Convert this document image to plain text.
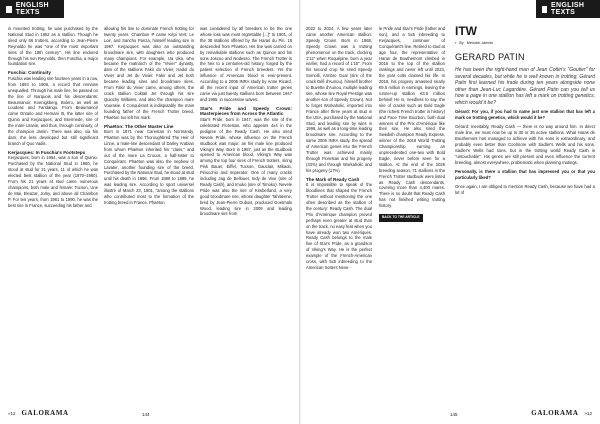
ENGLISH TEXTS

in mounted trotting, he was purchased by the National Stud in 1862 as a stallion. Though he sired only 66 trotters, according to Jean-Pierre Reynaldo he was "one of the most important sires of the 19th century". His line endured through his son Reynolds, then Fuschia, a major foundation sire.

Fuschia: Continuity

Fuschia was leading sire fourteen years in a row, from 1893 to 1906, a record that remains unequalled. Through his male line, he passed on the line of Narquois and his descendants: Beaumanoir, Koenigsberg, Bolero, as well as Loudeac and Fandango. From Beaumanoir came Ontario and Hernani III, the latter sire of Quinio and Kerjacques, and Intermede, sire of the mare Uranie, and thus, through continuity, of the champion Jamin. There was also, via his dam, the less developed but still significant branch of Quo Vadis.

Kerjacques: In Fuschia's Footsteps

Kerjacques, born in 1954, was a son of Quinio. Purchased by the National Stud in 1960, he stood at stud for 21 years, 11 of which he was elected best stallion of the year (1970–1980). From his 21 years at stud came numerous champions, both male and female: Tocson, Une de Mai, Eleazar, Jorky, and above all Chambon P. For ten years, from 1981 to 1990, he was the best sire in France, succeeding his father and

allowing his line to dominate French trotting for twenty years. Chambon P came Képi Vert, Le Loir, and Sancho Panza, himself leading sire in 1997. Kerjacques was also an outstanding broodmare sire, with daughters who produced many champions. For example, Ua Uka, who became the matriarch of the "Vivier" dynasty, dam of the stallions Fakir du Vivier, Hadol du Vivier and Jet du Vivier. Fakir and Jet both became leading sires and broodmare sires. From Fakir du Vivier came, among others, the crack stallion Coktail Jet through his sire Quiochy Williams, and also the champion mare Vourasie. Il Conquérant is indisputably the main founding father of the French Trotter breed, Phaëton too left his mark.

Phaëton: The Other Master Line

Born in 1871 near Carentan in Normandy, Phaëton was by the Thoroughbred The Heir of Linne, a male-line descendant of Darley Arabian from whom Phaëton inherited his "class," and out of the mare La Crocus, a half-sister to Conquérant. Phaëton was also the nephew of Lavater, another founding sire of the breed. Purchased by the National Stud, he stood at stud until his death in 1896. From 1886 to 1889, he was leading sire. According to sport universel illustré of March 23, 1901, "among the stallions who contributed most to the formation of the trotting breed in France, Phaëton

was considered by all breeders to be the one whose loss was most regrettable [...]" In 1901, of the 38 stallions offered by the Haras du Pin, 18 descended from Phaëton. His line was carried on by remarkable stallions such as Quinos and his sons Joscoo and Nodesso. The French Trotter is the heir to a centuries-old history, forged by the patient selection of French breeders. Yet the influence of American blood is ever-present. According to a 2005 INRA study by Anne Ricard, all the recent input of American trotter genes came via just twenty stallions born between 1947 and 1985, in successive waves.

Star's Pride and Speedy Crown: Masterpieces from Across the Atlantic

Star's Pride, born in 1947, was the sire of the celebrated Florestan, who appears 4x4 in the pedigree of the Ready Cash. He also sired Nevele Pride, whose influence on the French studbook was major, as his male line produced Viking's Way. Born in 1987, just as the studbook opened to American blood, Viking's Way was among the top four sires of French trotters, siring Pink Bauer, Eiffel, Tucson, Gauclair, Mikado, Pinocchio and Imperator. One of many cracks including Jag de Bellouet, Indy de Vive (sire of Ready Cash), and Imoko (sire of Timoko). Nevele Pride was also the sire of Kimberland, a very good broodmare sire, whose daughter Tahitienne, bred by Jean-Pierre Dubois, produced Goetmals Wood, leading sire in 2009 and leading broodmare sire from

»12 GALORAMA	144
ENGLISH TEXTS

2022 to 2024. A few years later came another American stallion: Speedy Crown. Born in 1968, Speedy Crown was a trotting phenomenon on the track, clocking 1'12" when Roquépine, born a year earlier, had a record of 1'15". From his second crop he sired Speedy Somolli, Armbro Goal (sire of the crack Défi d'Aunou), himself brother to Buvette d'Aunou, multiple leading sire, whose sire Royal Prestige was another son of Speedy Crown). Not to forget Workaholic, imported into France after three years at stud in the USA, purchased by the National Stud, and leading sire by wins in 1996, as well as a long-time leading broodmare sire. According to the same 2005 INRA study, the spread of American genes into the French Trotter was achieved mainly through Florestan and his progeny (33%) and through Workaholic and his progeny (17%).

The Mark of Ready Cash

It is impossible to speak of the bloodlines that shaped the French Trotter without mentioning the one often described as the stallion of the century: Ready Cash. The dual Prix d'Amérique champion proved perhaps even greater at stud than on the track, no easy feat when you have already won two Amériques. Ready Cash belongs to the male line of Star's Pride, as a grandson of Viking's Way. He is the perfect example of the French-American cross, with 5x5 inbreeding to the American trotters Neve-

le Pride and Star's Pride (father and son), and a 5x5 inbreeding to Kerjacques, continuer of Conquérant's line. Retired to stud at age four, the representative of Haras de Bouthemont climbed in 2016 to the top of the stallion rankings and never left until 2023, the year colts claimed his life. In 2018, his progeny amassed nearly €9.5 million in earnings, leaving the runner-up stallion €3.5 million behind! He is, needless to say, the sire of cracks such as Bold Eagle (the richest French trotter in history) and Face Time Bourbon, both dual winners of the Prix d'Amérique like their sire. He also sired the Swedish champion Ready Express, winner of the 2018 World Trotting Championship, earning an unprecedented one-two with Bold Eagle, never before seen for a stallion. At the end of the 2025 breeding season, 71 stallions in the French Trotter studbook were listed as Ready Cash descendants, covering more than 4,400 mares. There is no doubt that Ready Cash has not finished writing trotting history.

BACK TO THE ARTICLE
145	GALORAMA »12
ITW
› By Mélodie Janvier
GERARD PATIN

He has been the right-hand man of Jean Cottin's "Goutier" for several decades, but while he is well known in trotting, Gérard Patin first learned his trade during ten years alongside none other than Jean-Luc Lagardère. Gérard Patin can you tell us how a page in one stallion has left a mark on trotting genetics, which would it be?

Gérard: For you, if you had to name just one stallion that has left a mark on trotting genetics, which would it be?

Gérard: Inevitably, Ready Cash — there is no way around him. In direct male line, we must now be up to 30 or 35 active stallions. What Haras de Bouthemont has managed to achieve with his sons is extraordinary, and probably even better than Coolmore with Sadler's Wells and his sons. Sadler's Wells had sons, but in the trotting world Ready Cash is "untouchable". His genes are still present and even influence the current breeding, almost everywhere, problematic when planning matings.

Personally, is there a stallion that has impressed you or that you particularly liked?

Once again, I am obliged to mention Ready Cash, because we have had a lot of
